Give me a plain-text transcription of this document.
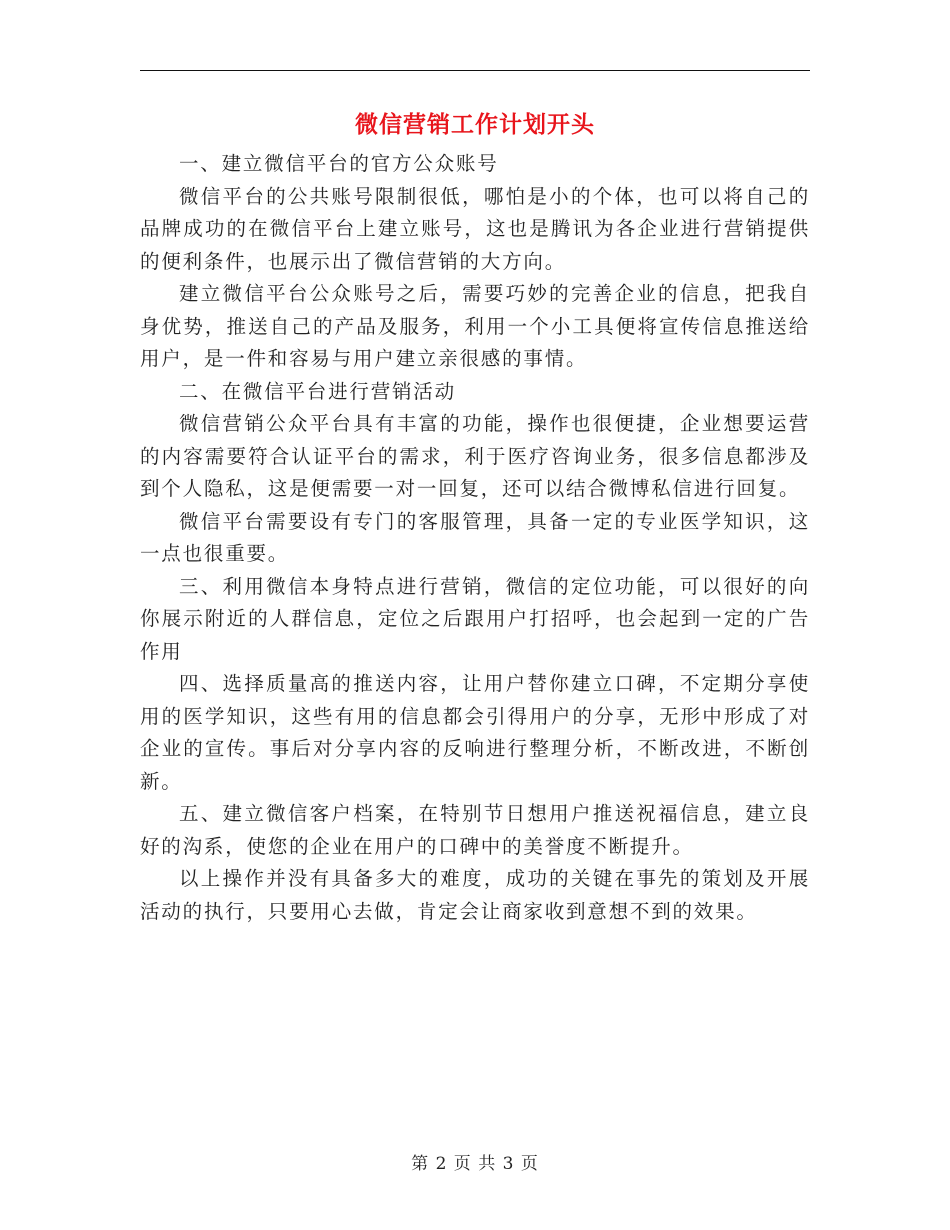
微信营销工作计划开头

一、建立微信平台的官方公众账号

微信平台的公共账号限制很低，哪怕是小的个体，也可以将自己的品牌成功的在微信平台上建立账号，这也是腾讯为各企业进行营销提供的便利条件，也展示出了微信营销的大方向。

建立微信平台公众账号之后，需要巧妙的完善企业的信息，把我自身优势，推送自己的产品及服务，利用一个小工具便将宣传信息推送给用户，是一件和容易与用户建立亲很感的事情。

二、在微信平台进行营销活动

微信营销公众平台具有丰富的功能，操作也很便捷，企业想要运营的内容需要符合认证平台的需求，利于医疗咨询业务，很多信息都涉及到个人隐私，这是便需要一对一回复，还可以结合微博私信进行回复。

微信平台需要设有专门的客服管理，具备一定的专业医学知识，这一点也很重要。

三、利用微信本身特点进行营销，微信的定位功能，可以很好的向你展示附近的人群信息，定位之后跟用户打招呼，也会起到一定的广告作用

四、选择质量高的推送内容，让用户替你建立口碑，不定期分享使用的医学知识，这些有用的信息都会引得用户的分享，无形中形成了对企业的宣传。事后对分享内容的反响进行整理分析，不断改进，不断创新。

五、建立微信客户档案，在特别节日想用户推送祝福信息，建立良好的沟系，使您的企业在用户的口碑中的美誉度不断提升。

以上操作并没有具备多大的难度，成功的关键在事先的策划及开展活动的执行，只要用心去做，肯定会让商家收到意想不到的效果。

第 2 页 共 3 页
